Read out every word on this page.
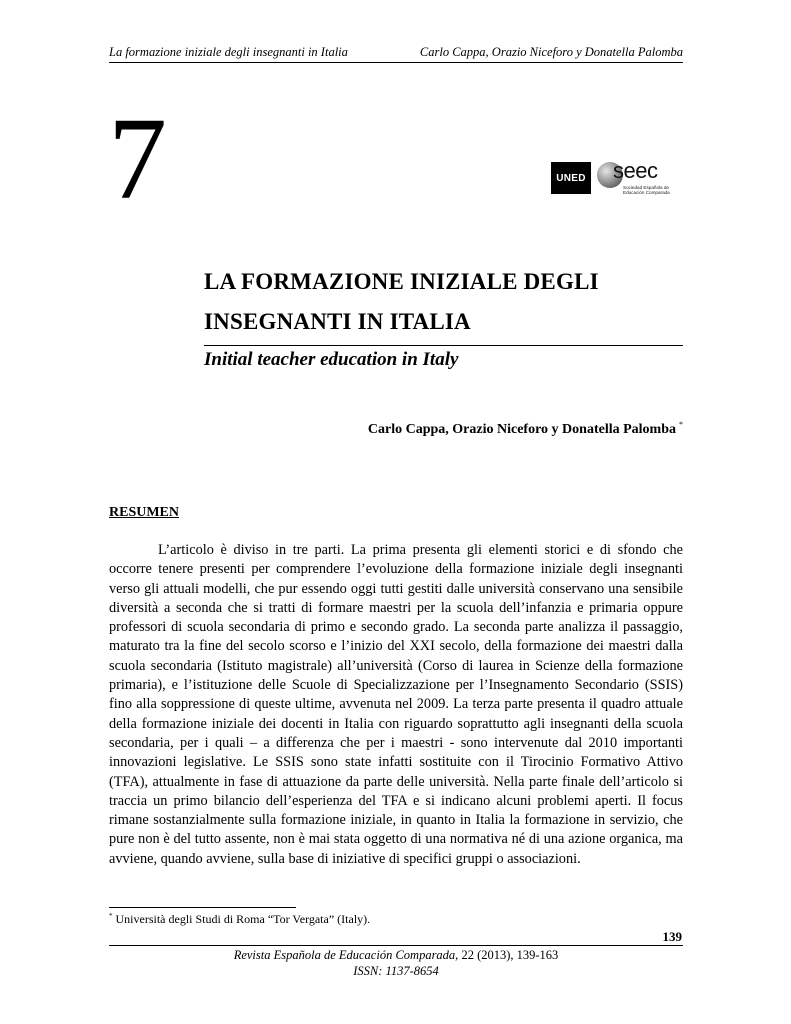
La formazione iniziale degli insegnanti in Italia	Carlo Cappa, Orazio Niceforo y Donatella Palomba
7	UNED seec
Sociedad Española de Educación Comparada
LA FORMAZIONE INIZIALE DEGLI
INSEGNANTI IN ITALIA
Initial teacher education in Italy
Carlo Cappa, Orazio Niceforo y Donatella Palomba *
RESUMEN

L’articolo è diviso in tre parti. La prima presenta gli elementi storici e di sfondo che occorre tenere presenti per comprendere l’evoluzione della formazione iniziale degli insegnanti verso gli attuali modelli, che pur essendo oggi tutti gestiti dalle università conservano una sensibile diversità a seconda che si tratti di formare maestri per la scuola dell’infanzia e primaria oppure professori di scuola secondaria di primo e secondo grado. La seconda parte analizza il passaggio, maturato tra la fine del secolo scorso e l’inizio del XXI secolo, della formazione dei maestri dalla scuola secondaria (Istituto magistrale) all’università (Corso di laurea in Scienze della formazione primaria), e l’istituzione delle Scuole di Specializzazione per l’Insegnamento Secondario (SSIS) fino alla soppressione di queste ultime, avvenuta nel 2009. La terza parte presenta il quadro attuale della formazione iniziale dei docenti in Italia con riguardo soprattutto agli insegnanti della scuola secondaria, per i quali – a differenza che per i maestri - sono intervenute dal 2010 importanti innovazioni legislative. Le SSIS sono state infatti sostituite con il Tirocinio Formativo Attivo (TFA), attualmente in fase di attuazione da parte delle università. Nella parte finale dell’articolo si traccia un primo bilancio dell’esperienza del TFA e si indicano alcuni problemi aperti. Il focus rimane sostanzialmente sulla formazione iniziale, in quanto in Italia la formazione in servizio, che pure non è del tutto assente, non è mai stata oggetto di una normativa né di una azione organica, ma avviene, quando avviene, sulla base di iniziative di specifici gruppi o associazioni.

* Università degli Studi di Roma “Tor Vergata” (Italy).
139
Revista Española de Educación Comparada, 22 (2013), 139-163
ISSN: 1137-8654
